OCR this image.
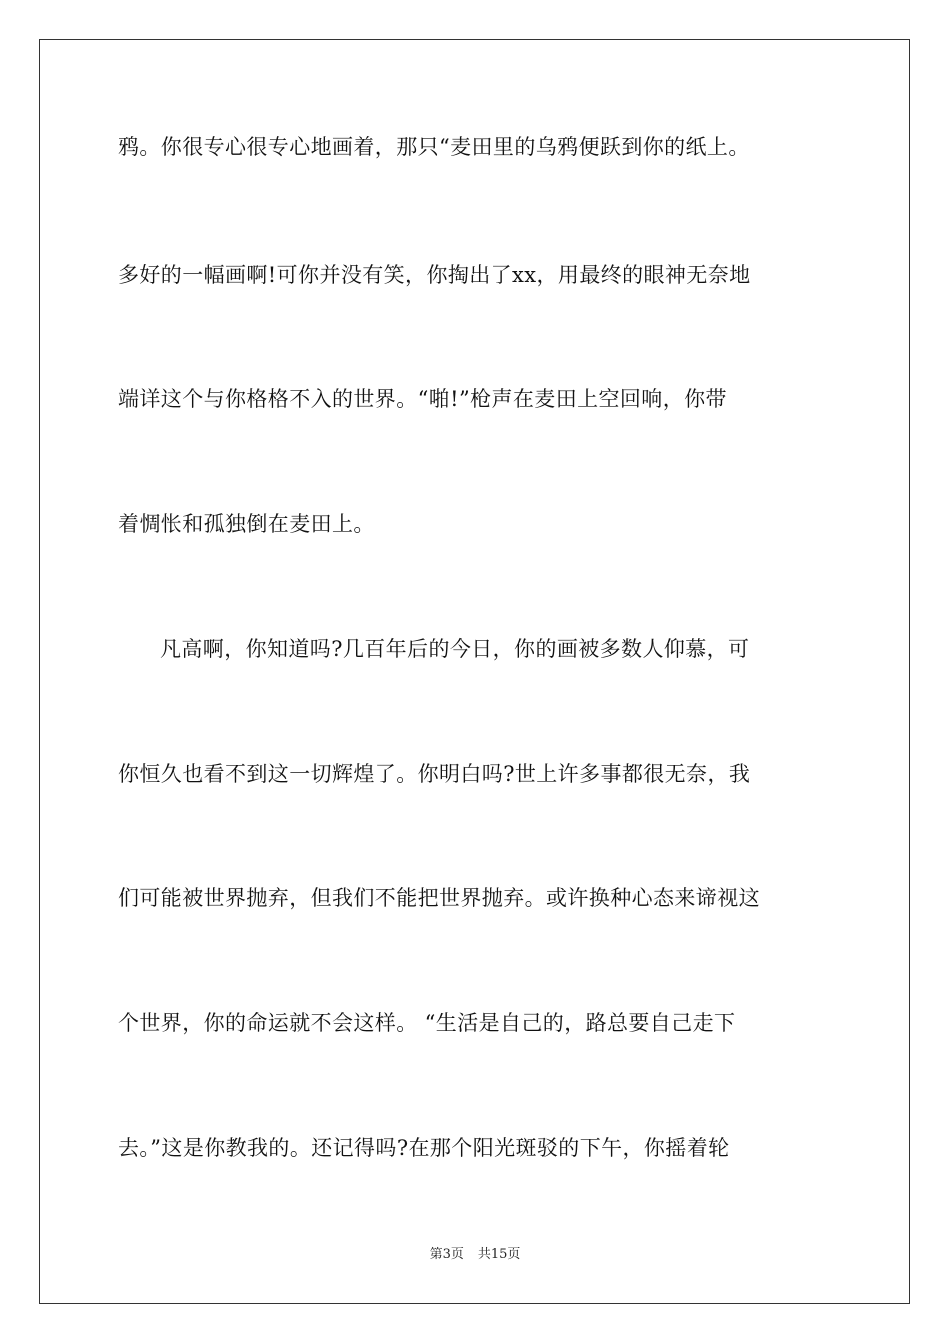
鸦。你很专心很专心地画着，那只“麦田里的乌鸦便跃到你的纸上。
多好的一幅画啊!可你并没有笑，你掏出了xx，用最终的眼神无奈地
端详这个与你格格不入的世界。“啪!”枪声在麦田上空回响，你带
着惆怅和孤独倒在麦田上。
凡高啊，你知道吗?几百年后的今日，你的画被多数人仰慕，可
你恒久也看不到这一切辉煌了。你明白吗?世上许多事都很无奈，我
们可能被世界抛弃，但我们不能把世界抛弃。或许换种心态来谛视这
个世界，你的命运就不会这样。 “生活是自己的，路总要自己走下
去。”这是你教我的。还记得吗?在那个阳光斑驳的下午，你摇着轮
第3页 共15页
